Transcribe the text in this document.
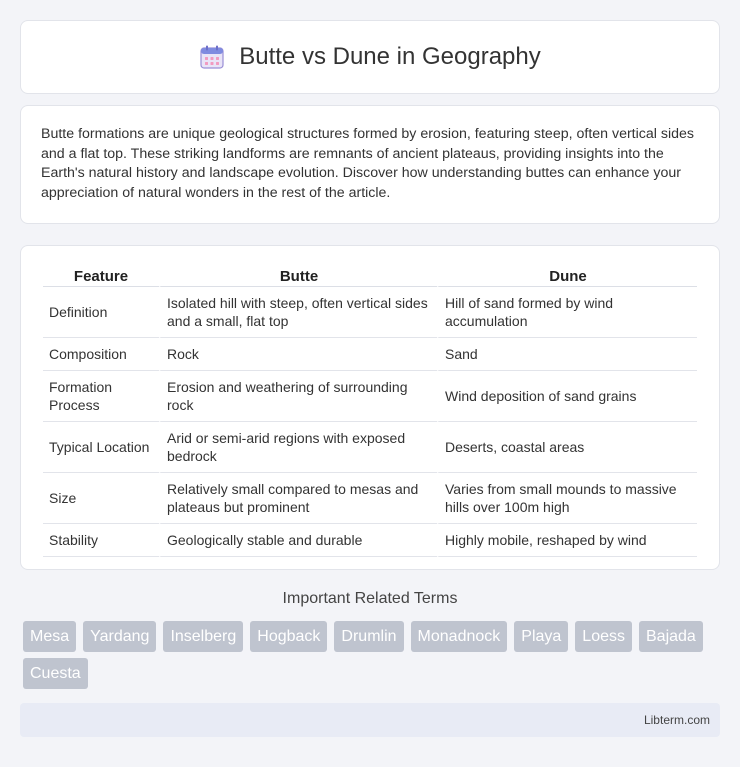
Butte vs Dune in Geography

Butte formations are unique geological structures formed by erosion, featuring steep, often vertical sides and a flat top. These striking landforms are remnants of ancient plateaus, providing insights into the Earth's natural history and landscape evolution. Discover how understanding buttes can enhance your appreciation of natural wonders in the rest of the article.

Feature	Butte	Dune
Definition	Isolated hill with steep, often vertical sides and a small, flat top	Hill of sand formed by wind accumulation
Composition	Rock	Sand
Formation Process	Erosion and weathering of surrounding rock	Wind deposition of sand grains
Typical Location	Arid or semi-arid regions with exposed bedrock	Deserts, coastal areas
Size	Relatively small compared to mesas and plateaus but prominent	Varies from small mounds to massive hills over 100m high
Stability	Geologically stable and durable	Highly mobile, reshaped by wind
Important Related Terms
Mesa	Yardang	Inselberg	Hogback	Drumlin	Monadnock	Playa	Loess	Bajada
Cuesta
Libterm.com
